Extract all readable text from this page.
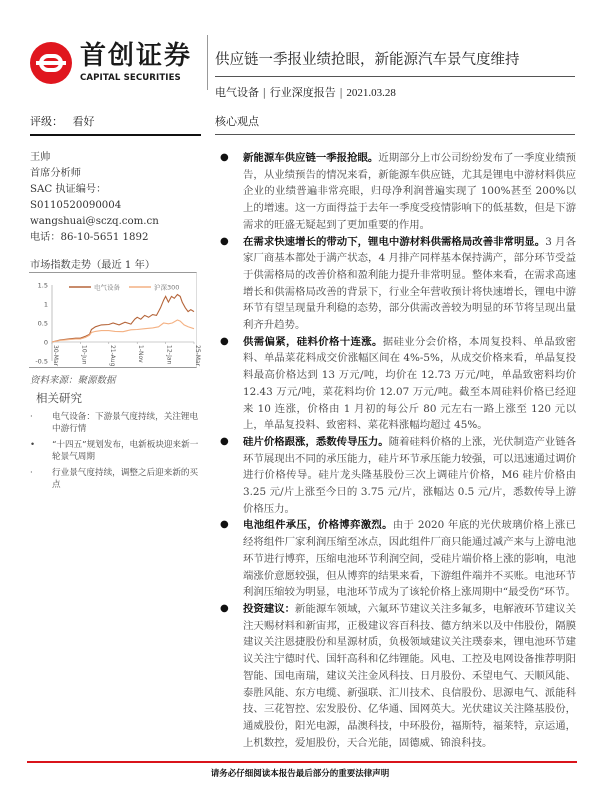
首创证券
CAPITAL SECURITIES
供应链一季报业绩抢眼，新能源汽车景气度维持
电气设备 | 行业深度报告 | 2021.03.28
评级： 看好	核心观点
王帅
首席分析师
SAC 执证编号：
S0110520090004
wangshuai@sczq.com.cn
电话：86-10-5651 1892
市场指数走势（最近 1 年）
1.5
1
0.5
0
-0.5 30-Mar	10-Jun	21-Aug	1-Nov	12-Jan	25-Mar
电气设备	沪深300
资料来源：聚源数据
相关研究
· 电气设备：下游景气度持续，关注锂电中游行情
• “十四五”规划发布，电新板块迎来新一轮景气周期
· 行业景气度持续，调整之后迎来新的买点
● 新能源车供应链一季报抢眼。近期部分上市公司纷纷发布了一季度业绩预告，从业绩预告的情况来看，新能源车供应链，尤其是锂电中游材料供应企业的业绩普遍非常亮眼，归母净利润普遍实现了 100%甚至 200%以上的增速。这一方面得益于去年一季度受疫情影响下的低基数，但是下游需求的旺盛无疑起到了更加重要的作用。
● 在需求快速增长的带动下，锂电中游材料供需格局改善非常明显。3 月各家厂商基本都处于满产状态，4 月排产同样基本保持满产，部分环节受益于供需格局的改善价格和盈利能力提升非常明显。整体来看，在需求高速增长和供需格局改善的背景下，行业全年营收预计将快速增长，锂电中游环节有望呈现量升利稳的态势，部分供需改善较为明显的环节将呈现出量利齐升趋势。
● 供需偏紧，硅料价格十连涨。据硅业分会价格，本周复投料、单晶致密料、单晶菜花料成交价涨幅区间在 4%-5%，从成交价格来看，单晶复投料最高价格达到 13 万元/吨，均价在 12.73 万元/吨，单晶致密料均价 12.43 万元/吨，菜花料均价 12.07 万元/吨。截至本周硅料价格已经迎来 10 连涨，价格由 1 月初的每公斤 80 元左右一路上涨至 120 元以上，单晶复投料、致密料、菜花料涨幅均超过 45%。
● 硅片价格跟涨，悉数传导压力。随着硅料价格的上涨，光伏制造产业链各环节展现出不同的承压能力，硅片环节承压能力较强，可以迅速通过调价进行价格传导。硅片龙头隆基股份三次上调硅片价格，M6 硅片价格由 3.25 元/片上涨至今日的 3.75 元/片，涨幅达 0.5 元/片，悉数传导上游价格压力。
● 电池组件承压，价格博弈激烈。由于 2020 年底的光伏玻璃价格上涨已经将组件厂家利润压缩至冰点，因此组件厂商只能通过减产来与上游电池环节进行博弈，压缩电池环节利润空间，受硅片端价格上涨的影响，电池端涨价意愿较强，但从博弈的结果来看，下游组件端并不买账。电池环节利润压缩较为明显，电池环节成为了该轮价格上涨周期中“最受伤”环节。
● 投资建议：新能源车领域，六氟环节建议关注多氟多，电解液环节建议关注天赐材料和新宙邦，正极建议容百科技、德方纳米以及中伟股份，隔膜建议关注恩捷股份和星源材质，负极领域建议关注璞泰来，锂电池环节建议关注宁德时代、国轩高科和亿纬锂能。风电、工控及电网设备推荐明阳智能、国电南瑞，建议关注金风科技、日月股份、禾望电气、天顺风能、泰胜风能、东方电缆、新强联、汇川技术、良信股份、思源电气、派能科技、三花智控、宏发股份、亿华通、国网英大。光伏建议关注隆基股份，通威股份，阳光电源，晶澳科技，中环股份，福斯特，福莱特，京运通，上机数控，爱旭股份，天合光能，固德威、锦浪科技。
请务必仔细阅读本报告最后部分的重要法律声明
